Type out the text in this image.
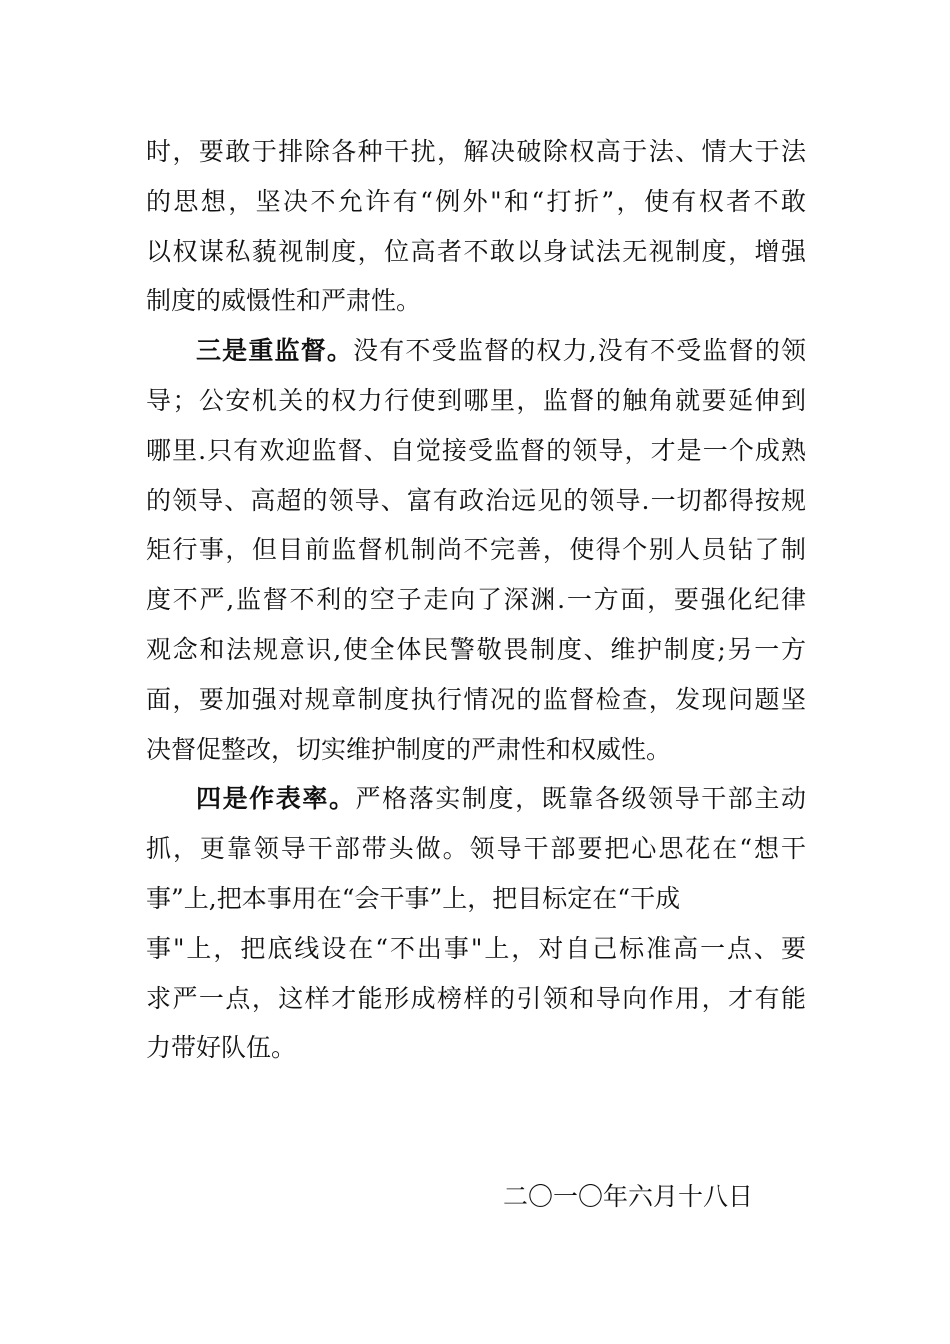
时，要敢于排除各种干扰，解决破除权高于法、情大于法
的思想，坚决不允许有“例外"和“打折”，使有权者不敢
以权谋私藐视制度，位高者不敢以身试法无视制度，增强
制度的威慑性和严肃性。
三是重监督。没有不受监督的权力,没有不受监督的领
导；公安机关的权力行使到哪里，监督的触角就要延伸到
哪里.只有欢迎监督、自觉接受监督的领导，才是一个成熟
的领导、高超的领导、富有政治远见的领导.一切都得按规
矩行事，但目前监督机制尚不完善，使得个别人员钻了制
度不严,监督不利的空子走向了深渊.一方面，要强化纪律
观念和法规意识,使全体民警敬畏制度、维护制度;另一方
面，要加强对规章制度执行情况的监督检查，发现问题坚
决督促整改，切实维护制度的严肃性和权威性。
四是作表率。严格落实制度，既靠各级领导干部主动
抓，更靠领导干部带头做。领导干部要把心思花在“想干
事”上,把本事用在“会干事”上，把目标定在“干成
事"上，把底线设在“不出事"上，对自己标准高一点、要
求严一点，这样才能形成榜样的引领和导向作用，才有能
力带好队伍。
二〇一〇年六月十八日
